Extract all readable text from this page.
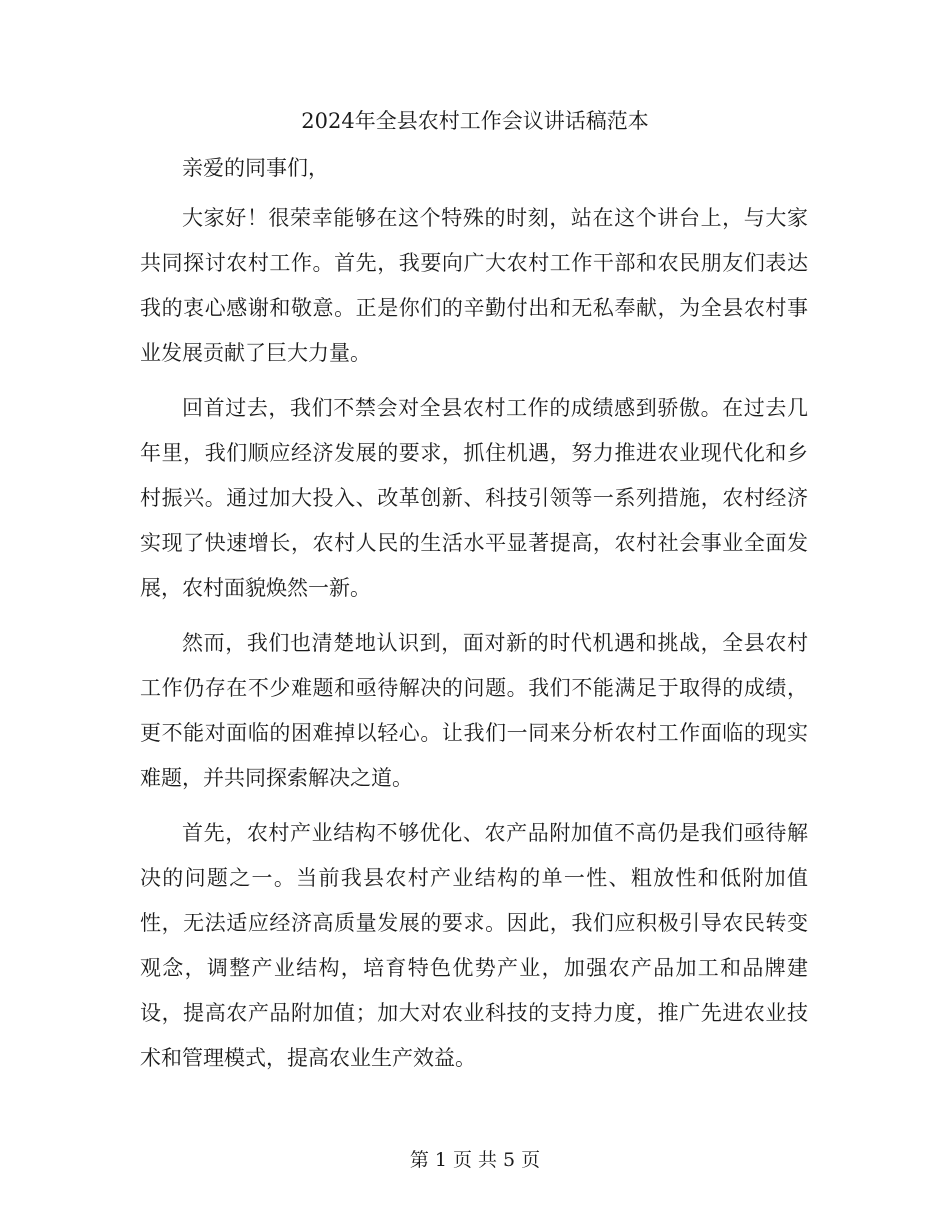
2024年全县农村工作会议讲话稿范本

亲爱的同事们，

大家好！很荣幸能够在这个特殊的时刻，站在这个讲台上，与大家共同探讨农村工作。首先，我要向广大农村工作干部和农民朋友们表达我的衷心感谢和敬意。正是你们的辛勤付出和无私奉献，为全县农村事业发展贡献了巨大力量。

回首过去，我们不禁会对全县农村工作的成绩感到骄傲。在过去几年里，我们顺应经济发展的要求，抓住机遇，努力推进农业现代化和乡村振兴。通过加大投入、改革创新、科技引领等一系列措施，农村经济实现了快速增长，农村人民的生活水平显著提高，农村社会事业全面发展，农村面貌焕然一新。

然而，我们也清楚地认识到，面对新的时代机遇和挑战，全县农村工作仍存在不少难题和亟待解决的问题。我们不能满足于取得的成绩，更不能对面临的困难掉以轻心。让我们一同来分析农村工作面临的现实难题，并共同探索解决之道。

首先，农村产业结构不够优化、农产品附加值不高仍是我们亟待解决的问题之一。当前我县农村产业结构的单一性、粗放性和低附加值性，无法适应经济高质量发展的要求。因此，我们应积极引导农民转变观念，调整产业结构，培育特色优势产业，加强农产品加工和品牌建设，提高农产品附加值；加大对农业科技的支持力度，推广先进农业技术和管理模式，提高农业生产效益。

第 1 页 共 5 页
